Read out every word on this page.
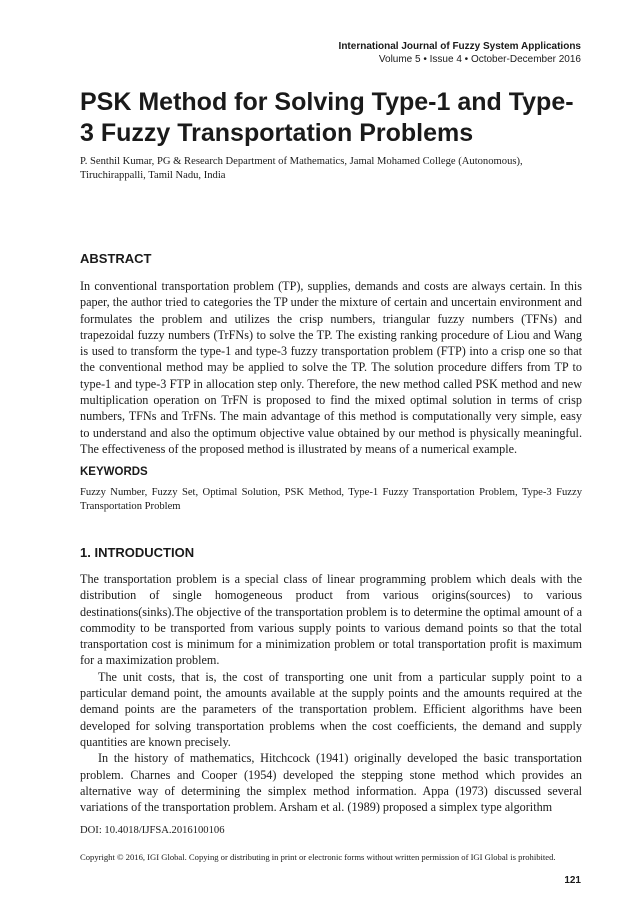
International Journal of Fuzzy System Applications
Volume 5 • Issue 4 • October-December 2016
PSK Method for Solving Type-1 and Type-3 Fuzzy Transportation Problems
P. Senthil Kumar, PG & Research Department of Mathematics, Jamal Mohamed College (Autonomous), Tiruchirappalli, Tamil Nadu, India
ABSTRACT

In conventional transportation problem (TP), supplies, demands and costs are always certain. In this paper, the author tried to categories the TP under the mixture of certain and uncertain environment and formulates the problem and utilizes the crisp numbers, triangular fuzzy numbers (TFNs) and trapezoidal fuzzy numbers (TrFNs) to solve the TP. The existing ranking procedure of Liou and Wang is used to transform the type-1 and type-3 fuzzy transportation problem (FTP) into a crisp one so that the conventional method may be applied to solve the TP. The solution procedure differs from TP to type-1 and type-3 FTP in allocation step only. Therefore, the new method called PSK method and new multiplication operation on TrFN is proposed to find the mixed optimal solution in terms of crisp numbers, TFNs and TrFNs. The main advantage of this method is computationally very simple, easy to understand and also the optimum objective value obtained by our method is physically meaningful. The effectiveness of the proposed method is illustrated by means of a numerical example.

KEYWORDS

Fuzzy Number, Fuzzy Set, Optimal Solution, PSK Method, Type-1 Fuzzy Transportation Problem, Type-3 Fuzzy Transportation Problem

1. INTRODUCTION

The transportation problem is a special class of linear programming problem which deals with the distribution of single homogeneous product from various origins(sources) to various destinations(sinks).The objective of the transportation problem is to determine the optimal amount of a commodity to be transported from various supply points to various demand points so that the total transportation cost is minimum for a minimization problem or total transportation profit is maximum for a maximization problem.

The unit costs, that is, the cost of transporting one unit from a particular supply point to a particular demand point, the amounts available at the supply points and the amounts required at the demand points are the parameters of the transportation problem. Efficient algorithms have been developed for solving transportation problems when the cost coefficients, the demand and supply quantities are known precisely.

In the history of mathematics, Hitchcock (1941) originally developed the basic transportation problem. Charnes and Cooper (1954) developed the stepping stone method which provides an alternative way of determining the simplex method information. Appa (1973) discussed several variations of the transportation problem. Arsham et al. (1989) proposed a simplex type algorithm

DOI: 10.4018/IJFSA.2016100106
Copyright © 2016, IGI Global. Copying or distributing in print or electronic forms without written permission of IGI Global is prohibited.
121
